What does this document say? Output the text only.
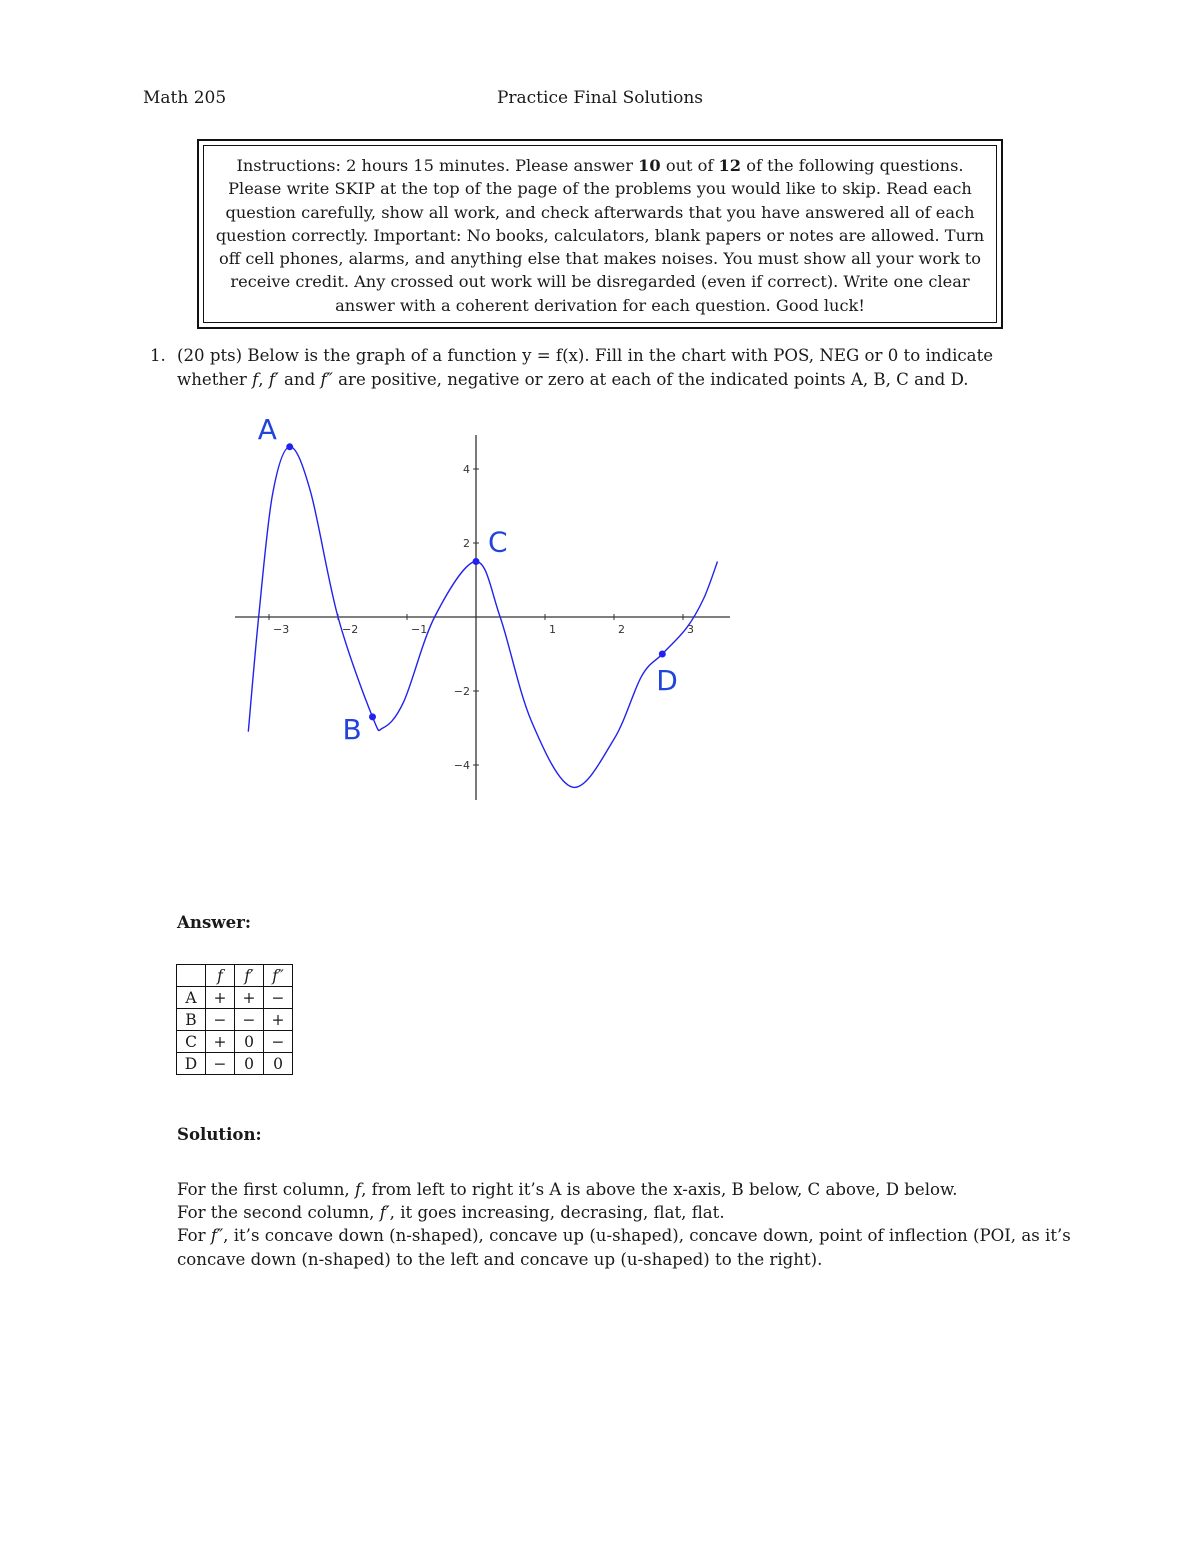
Math 205	Practice Final Solutions
Instructions: 2 hours 15 minutes. Please answer 10 out of 12 of the following questions. Please write SKIP at the top of the page of the problems you would like to skip. Read each question carefully, show all work, and check afterwards that you have answered all of each question correctly. Important: No books, calculators, blank papers or notes are allowed. Turn off cell phones, alarms, and anything else that makes noises. You must show all your work to receive credit. Any crossed out work will be disregarded (even if correct). Write one clear answer with a coherent derivation for each question. Good luck!
1. (20 pts) Below is the graph of a function y = f(x). Fill in the chart with POS, NEG or 0 to indicate
whether f, f′ and f″ are positive, negative or zero at each of the indicated points A, B, C and D.
−3	−2	−1	1	2	3
4
2
−2
−4
A
B
C
D
Answer:
	f	f′	f″
A	+	+	−
B	−	−	+
C	+	0	−
D	−	0	0
Solution:

For the first column, f, from left to right it’s A is above the x-axis, B below, C above, D below.

For the second column, f′, it goes increasing, decrasing, flat, flat.

For f″, it’s concave down (n-shaped), concave up (u-shaped), concave down, point of inflection (POI, as it’s concave down (n-shaped) to the left and concave up (u-shaped) to the right).
